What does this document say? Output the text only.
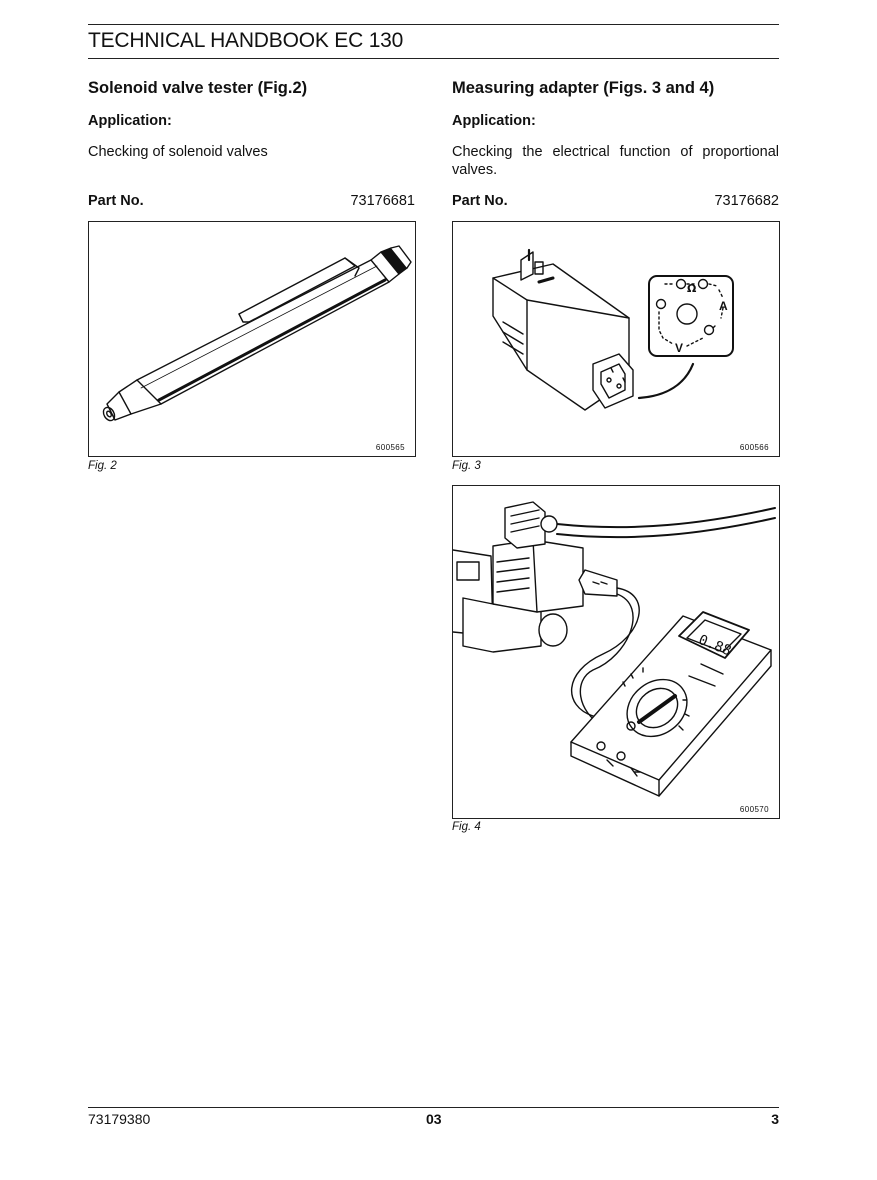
TECHNICAL HANDBOOK EC 130
Solenoid valve tester (Fig.2)
Application:
Checking of solenoid valves
Part No.	73176681
600565
Fig. 2
Measuring adapter (Figs. 3 and 4)
Application:
Checking the electrical function of proportional valves.
Part No.	73176682
A
V
Ω
600566
Fig. 3
0.88
600570
Fig. 4
73179380	03	3
